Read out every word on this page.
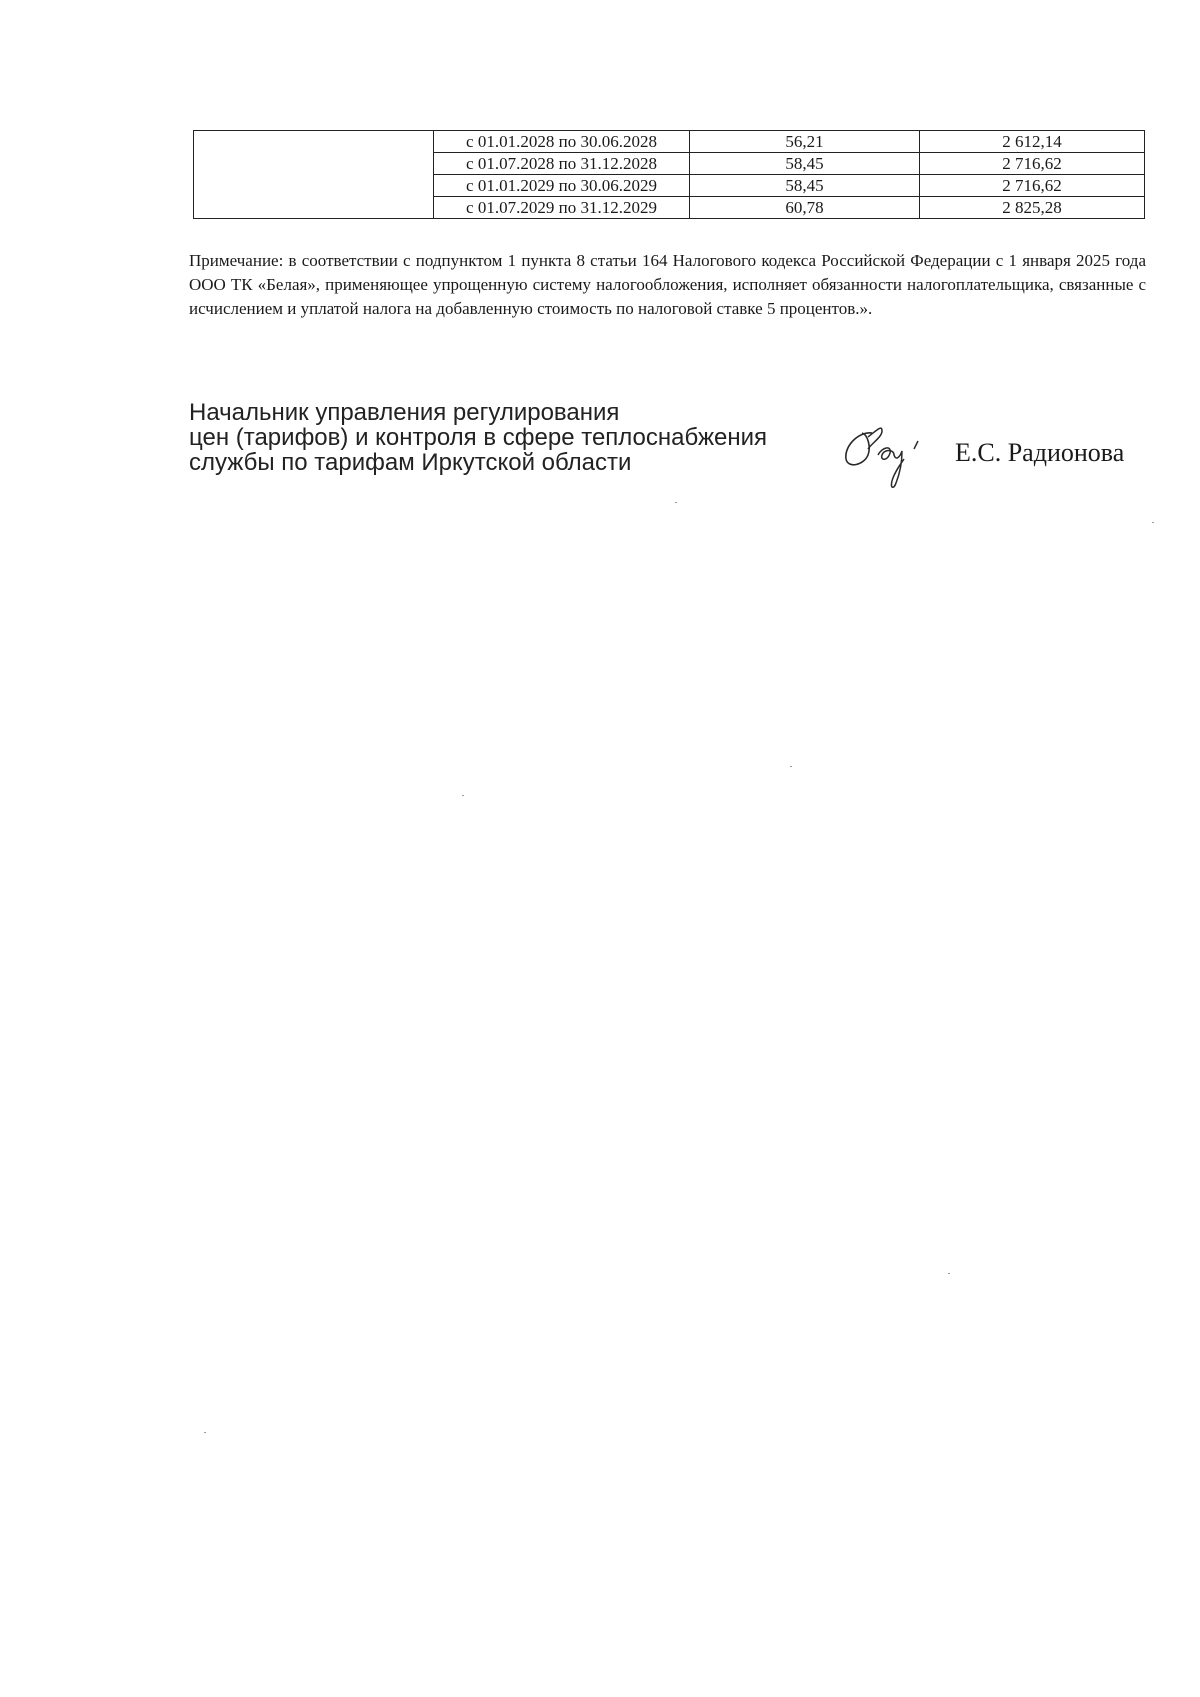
	с 01.01.2028 по 30.06.2028	56,21	2 612,14
	с 01.07.2028 по 31.12.2028	58,45	2 716,62
	с 01.01.2029 по 30.06.2029	58,45	2 716,62
	с 01.07.2029 по 31.12.2029	60,78	2 825,28

Примечание: в соответствии с подпунктом 1 пункта 8 статьи 164 Налогового кодекса Российской Федерации с 1 января 2025 года ООО ТК «Белая», применяющее упрощенную систему налогообложения, исполняет обязанности налогоплательщика, связанные с исчислением и уплатой налога на добавленную стоимость по налоговой ставке 5 процентов.».

Начальник управления регулирования
цен (тарифов) и контроля в сфере теплоснабжения
службы по тарифам Иркутской области	Е.С. Радионова
